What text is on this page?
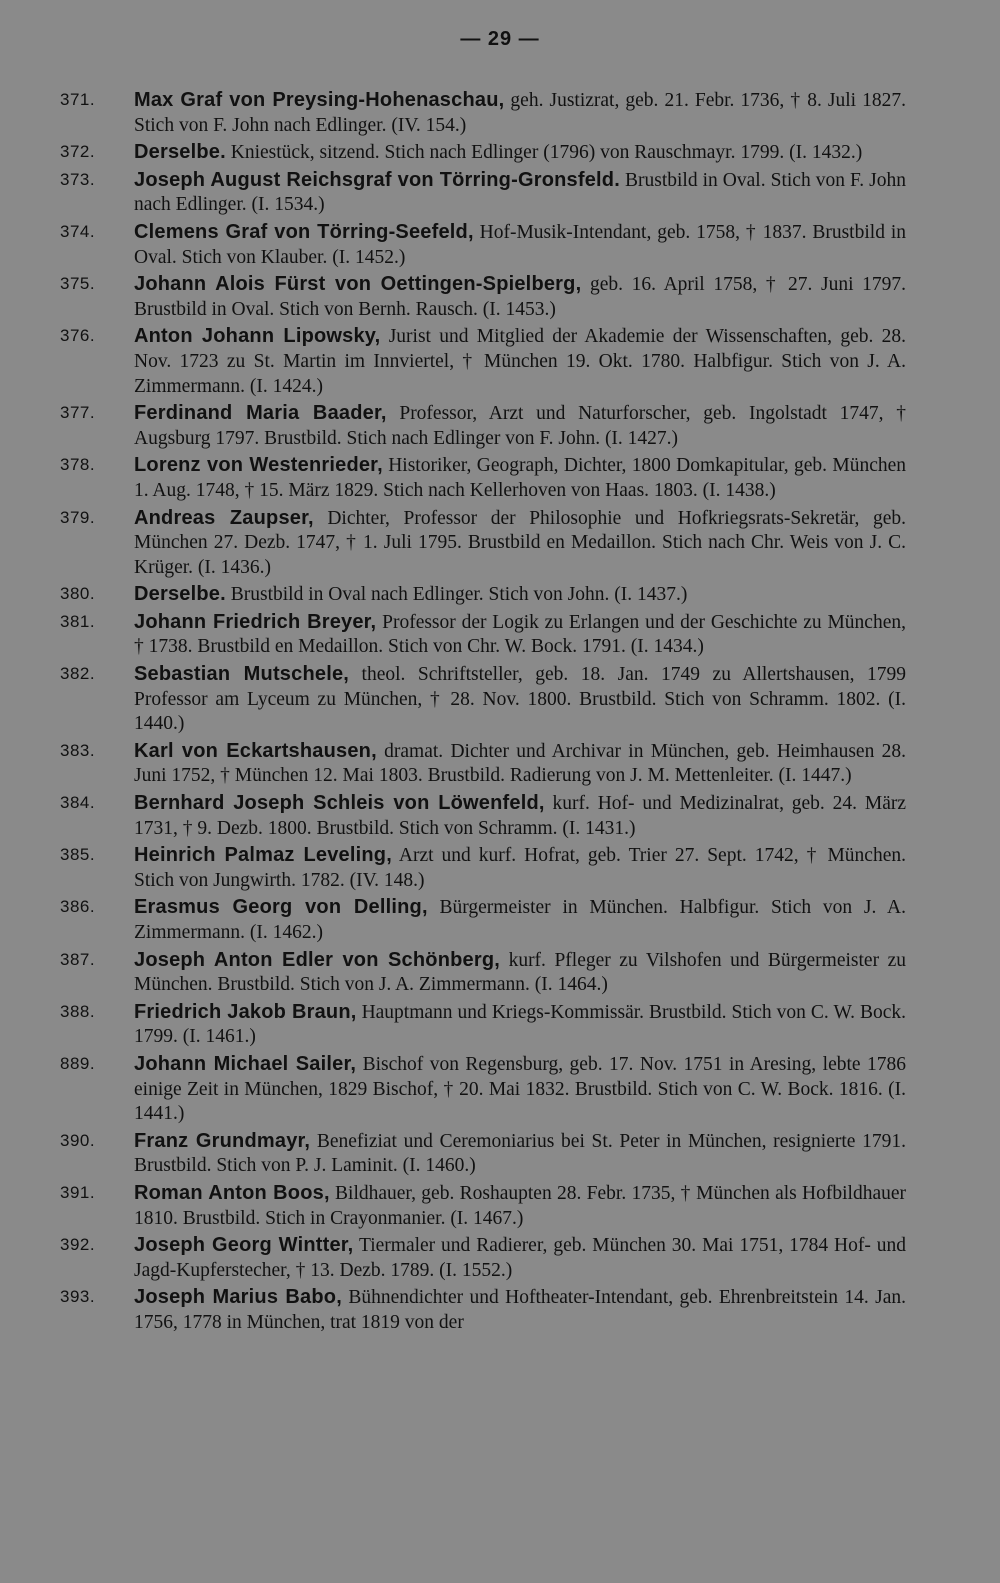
— 29 —
371.	Max Graf von Preysing-Hohenaschau, geh. Justizrat, geb. 21. Febr. 1736, † 8. Juli 1827. Stich von F. John nach Edlinger. (IV. 154.)
372.	Derselbe. Kniestück, sitzend. Stich nach Edlinger (1796) von Rauschmayr. 1799. (I. 1432.)
373.	Joseph August Reichsgraf von Törring-Gronsfeld. Brustbild in Oval. Stich von F. John nach Edlinger. (I. 1534.)
374.	Clemens Graf von Törring-Seefeld, Hof-Musik-Intendant, geb. 1758, † 1837. Brustbild in Oval. Stich von Klauber. (I. 1452.)
375.	Johann Alois Fürst von Oettingen-Spielberg, geb. 16. April 1758, † 27. Juni 1797. Brustbild in Oval. Stich von Bernh. Rausch. (I. 1453.)
376.	Anton Johann Lipowsky, Jurist und Mitglied der Akademie der Wissenschaften, geb. 28. Nov. 1723 zu St. Martin im Innviertel, † München 19. Okt. 1780. Halbfigur. Stich von J. A. Zimmermann. (I. 1424.)
377.	Ferdinand Maria Baader, Professor, Arzt und Naturforscher, geb. Ingolstadt 1747, † Augsburg 1797. Brustbild. Stich nach Edlinger von F. John. (I. 1427.)
378.	Lorenz von Westenrieder, Historiker, Geograph, Dichter, 1800 Domkapitular, geb. München 1. Aug. 1748, † 15. März 1829. Stich nach Kellerhoven von Haas. 1803. (I. 1438.)
379.	Andreas Zaupser, Dichter, Professor der Philosophie und Hofkriegsrats-Sekretär, geb. München 27. Dezb. 1747, † 1. Juli 1795. Brustbild en Medaillon. Stich nach Chr. Weis von J. C. Krüger. (I. 1436.)
380.	Derselbe. Brustbild in Oval nach Edlinger. Stich von John. (I. 1437.)
381.	Johann Friedrich Breyer, Professor der Logik zu Erlangen und der Geschichte zu München, † 1738. Brustbild en Medaillon. Stich von Chr. W. Bock. 1791. (I. 1434.)
382.	Sebastian Mutschele, theol. Schriftsteller, geb. 18. Jan. 1749 zu Allertshausen, 1799 Professor am Lyceum zu München, † 28. Nov. 1800. Brustbild. Stich von Schramm. 1802. (I. 1440.)
383.	Karl von Eckartshausen, dramat. Dichter und Archivar in München, geb. Heimhausen 28. Juni 1752, † München 12. Mai 1803. Brustbild. Radierung von J. M. Mettenleiter. (I. 1447.)
384.	Bernhard Joseph Schleis von Löwenfeld, kurf. Hof- und Medizinalrat, geb. 24. März 1731, † 9. Dezb. 1800. Brustbild. Stich von Schramm. (I. 1431.)
385.	Heinrich Palmaz Leveling, Arzt und kurf. Hofrat, geb. Trier 27. Sept. 1742, † München. Stich von Jungwirth. 1782. (IV. 148.)
386.	Erasmus Georg von Delling, Bürgermeister in München. Halbfigur. Stich von J. A. Zimmermann. (I. 1462.)
387.	Joseph Anton Edler von Schönberg, kurf. Pfleger zu Vilshofen und Bürgermeister zu München. Brustbild. Stich von J. A. Zimmermann. (I. 1464.)
388.	Friedrich Jakob Braun, Hauptmann und Kriegs-Kommissär. Brustbild. Stich von C. W. Bock. 1799. (I. 1461.)
889.	Johann Michael Sailer, Bischof von Regensburg, geb. 17. Nov. 1751 in Aresing, lebte 1786 einige Zeit in München, 1829 Bischof, † 20. Mai 1832. Brustbild. Stich von C. W. Bock. 1816. (I. 1441.)
390.	Franz Grundmayr, Benefiziat und Ceremoniarius bei St. Peter in München, resignierte 1791. Brustbild. Stich von P. J. Laminit. (I. 1460.)
391.	Roman Anton Boos, Bildhauer, geb. Roshaupten 28. Febr. 1735, † München als Hofbildhauer 1810. Brustbild. Stich in Crayonmanier. (I. 1467.)
392.	Joseph Georg Wintter, Tiermaler und Radierer, geb. München 30. Mai 1751, 1784 Hof- und Jagd-Kupferstecher, † 13. Dezb. 1789. (I. 1552.)
393.	Joseph Marius Babo, Bühnendichter und Hoftheater-Intendant, geb. Ehrenbreitstein 14. Jan. 1756, 1778 in München, trat 1819 von der
